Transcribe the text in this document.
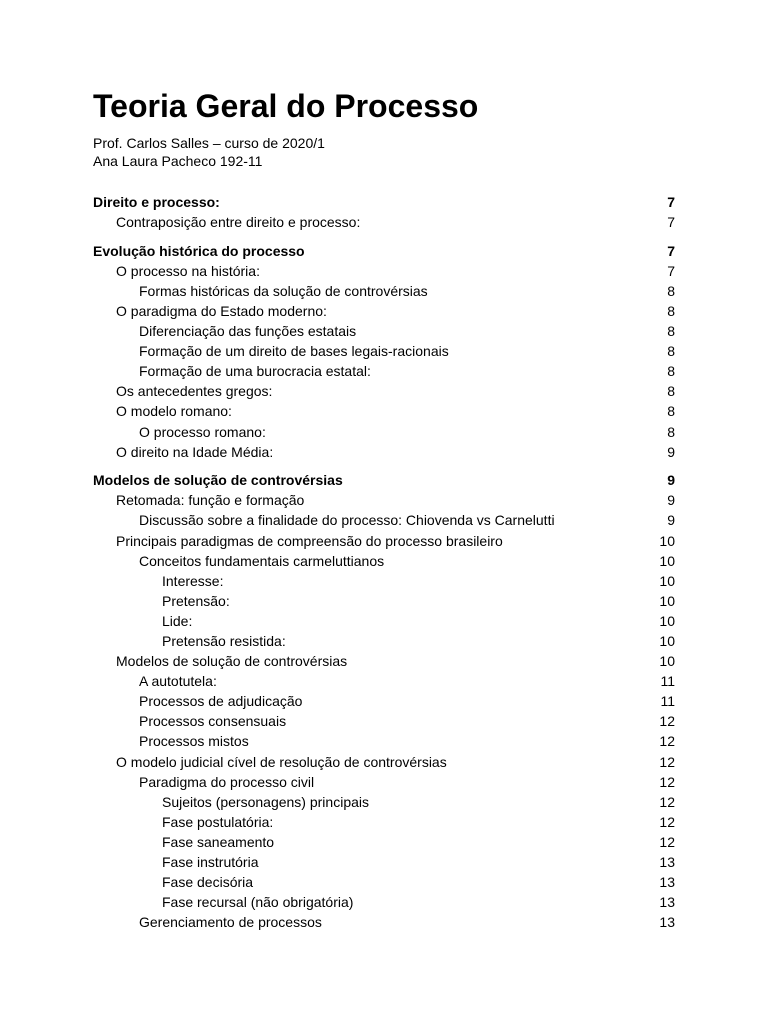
Teoria Geral do Processo
Prof. Carlos Salles – curso de 2020/1
Ana Laura Pacheco 192-11
Direito e processo:	7
Contraposição entre direito e processo:	7
Evolução histórica do processo	7
O processo na história:	7
Formas históricas da solução de controvérsias	8
O paradigma do Estado moderno:	8
Diferenciação das funções estatais	8
Formação de um direito de bases legais-racionais	8
Formação de uma burocracia estatal:	8
Os antecedentes gregos:	8
O modelo romano:	8
O processo romano:	8
O direito na Idade Média:	9
Modelos de solução de controvérsias	9
Retomada: função e formação	9
Discussão sobre a finalidade do processo: Chiovenda vs Carnelutti	9
Principais paradigmas de compreensão do processo brasileiro	10
Conceitos fundamentais carmeluttianos	10
Interesse:	10
Pretensão:	10
Lide:	10
Pretensão resistida:	10
Modelos de solução de controvérsias	10
A autotutela:	11
Processos de adjudicação	11
Processos consensuais	12
Processos mistos	12
O modelo judicial cível de resolução de controvérsias	12
Paradigma do processo civil	12
Sujeitos (personagens) principais	12
Fase postulatória:	12
Fase saneamento	12
Fase instrutória	13
Fase decisória	13
Fase recursal (não obrigatória)	13
Gerenciamento de processos	13
